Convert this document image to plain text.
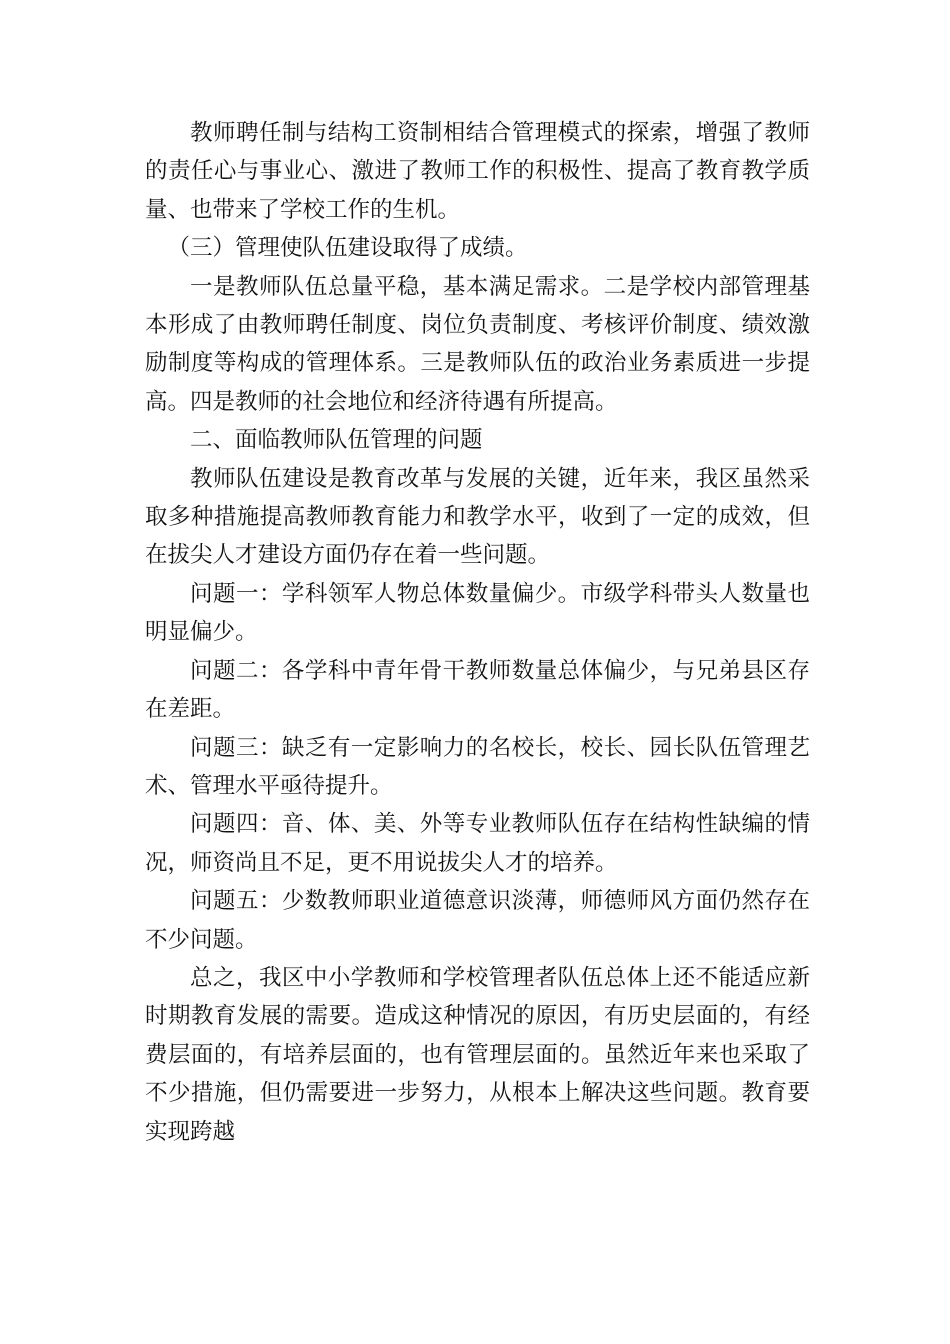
教师聘任制与结构工资制相结合管理模式的探索，增强了教师的责任心与事业心、激进了教师工作的积极性、提高了教育教学质量、也带来了学校工作的生机。

（三）管理使队伍建设取得了成绩。

一是教师队伍总量平稳，基本满足需求。二是学校内部管理基本形成了由教师聘任制度、岗位负责制度、考核评价制度、绩效激励制度等构成的管理体系。三是教师队伍的政治业务素质进一步提高。四是教师的社会地位和经济待遇有所提高。

二、面临教师队伍管理的问题

教师队伍建设是教育改革与发展的关键，近年来，我区虽然采取多种措施提高教师教育能力和教学水平，收到了一定的成效，但在拔尖人才建设方面仍存在着一些问题。

问题一：学科领军人物总体数量偏少。市级学科带头人数量也明显偏少。

问题二：各学科中青年骨干教师数量总体偏少，与兄弟县区存在差距。

问题三：缺乏有一定影响力的名校长，校长、园长队伍管理艺术、管理水平亟待提升。

问题四：音、体、美、外等专业教师队伍存在结构性缺编的情况，师资尚且不足，更不用说拔尖人才的培养。

问题五：少数教师职业道德意识淡薄，师德师风方面仍然存在不少问题。

总之，我区中小学教师和学校管理者队伍总体上还不能适应新时期教育发展的需要。造成这种情况的原因，有历史层面的，有经费层面的，有培养层面的，也有管理层面的。虽然近年来也采取了不少措施，但仍需要进一步努力，从根本上解决这些问题。教育要实现跨越
